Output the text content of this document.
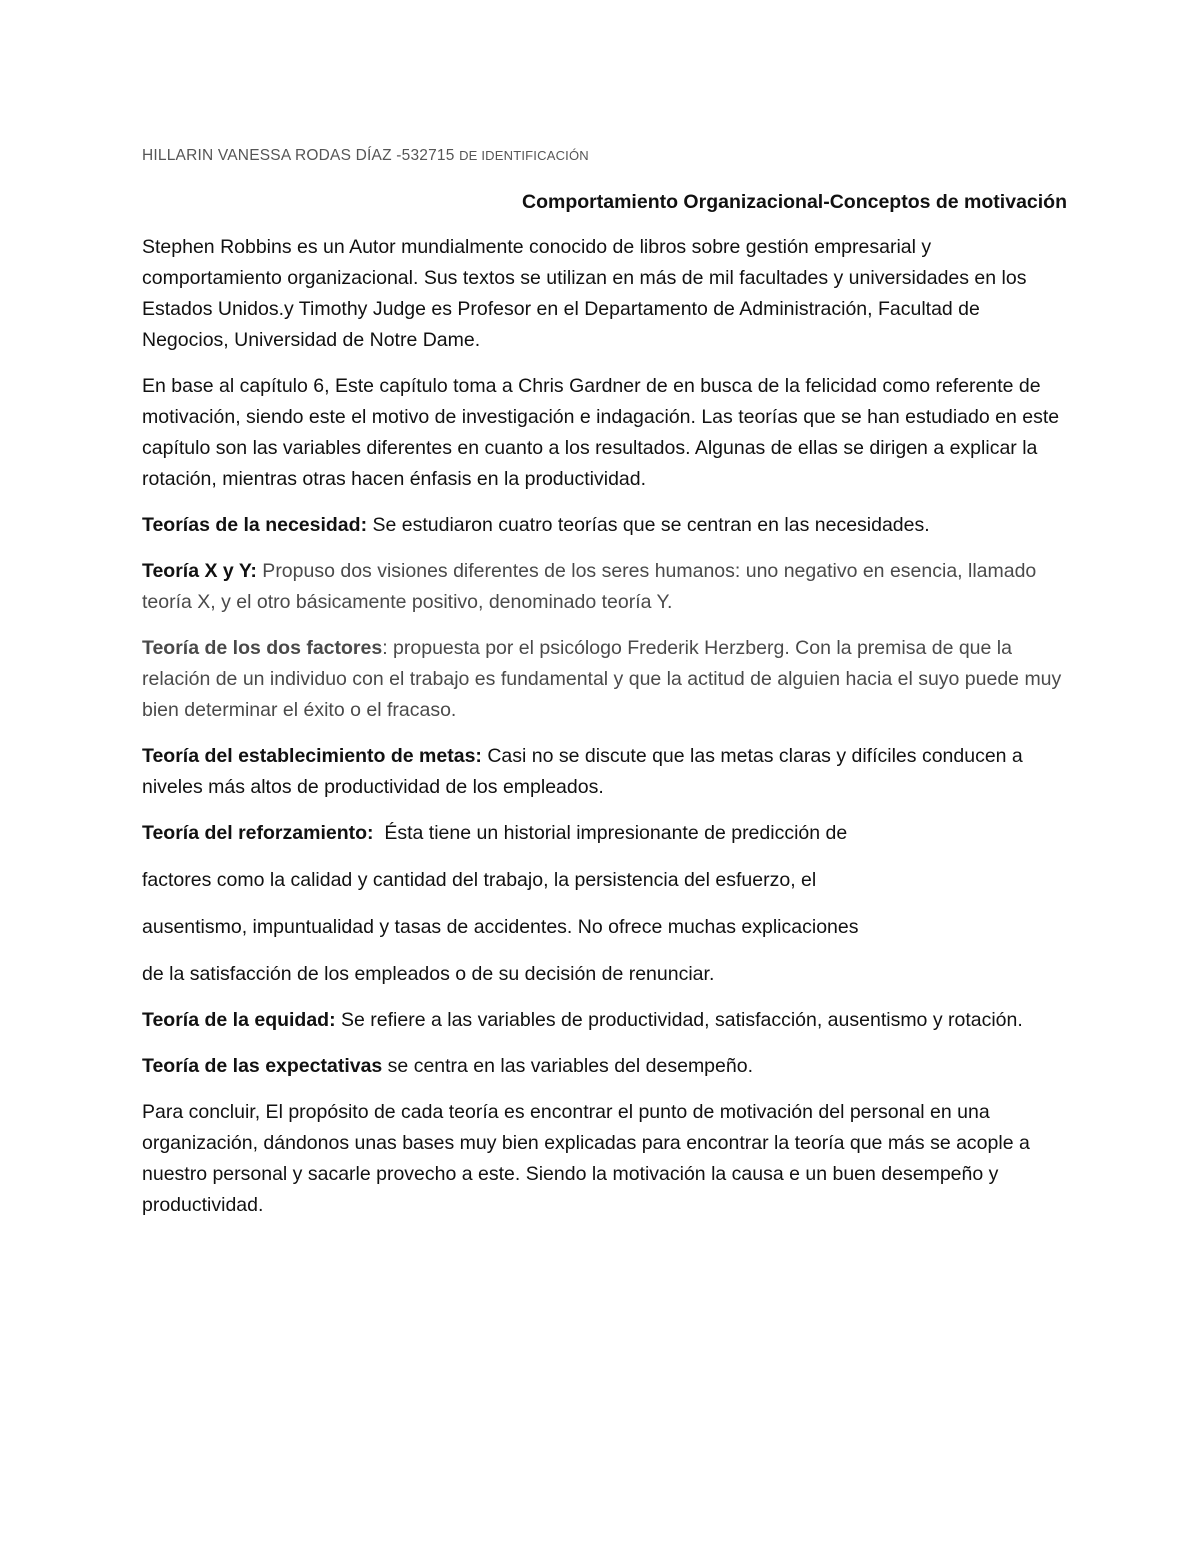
HILLARIN VANESSA RODAS DÍAZ -532715 DE IDENTIFICACIÓN

Comportamiento Organizacional-Conceptos de motivación

Stephen Robbins es un Autor mundialmente conocido de libros sobre gestión empresarial y comportamiento organizacional. Sus textos se utilizan en más de mil facultades y universidades en los Estados Unidos.y Timothy Judge es Profesor en el Departamento de Administración, Facultad de Negocios, Universidad de Notre Dame.

En base al capítulo 6, Este capítulo toma a Chris Gardner de en busca de la felicidad como referente de motivación, siendo este el motivo de investigación e indagación. Las teorías que se han estudiado en este capítulo son las variables diferentes en cuanto a los resultados. Algunas de ellas se dirigen a explicar la rotación, mientras otras hacen énfasis en la productividad.

Teorías de la necesidad: Se estudiaron cuatro teorías que se centran en las necesidades.

Teoría X y Y: Propuso dos visiones diferentes de los seres humanos: uno negativo en esencia, llamado teoría X, y el otro básicamente positivo, denominado teoría Y.

Teoría de los dos factores: propuesta por el psicólogo Frederik Herzberg. Con la premisa de que la relación de un individuo con el trabajo es fundamental y que la actitud de alguien hacia el suyo puede muy bien determinar el éxito o el fracaso.

Teoría del establecimiento de metas: Casi no se discute que las metas claras y difíciles conducen a niveles más altos de productividad de los empleados.

Teoría del reforzamiento:  Ésta tiene un historial impresionante de predicción de

factores como la calidad y cantidad del trabajo, la persistencia del esfuerzo, el

ausentismo, impuntualidad y tasas de accidentes. No ofrece muchas explicaciones

de la satisfacción de los empleados o de su decisión de renunciar.

Teoría de la equidad: Se refiere a las variables de productividad, satisfacción, ausentismo y rotación.

Teoría de las expectativas se centra en las variables del desempeño.

Para concluir, El propósito de cada teoría es encontrar el punto de motivación del personal en una organización, dándonos unas bases muy bien explicadas para encontrar la teoría que más se acople a nuestro personal y sacarle provecho a este. Siendo la motivación la causa e un buen desempeño y productividad.
